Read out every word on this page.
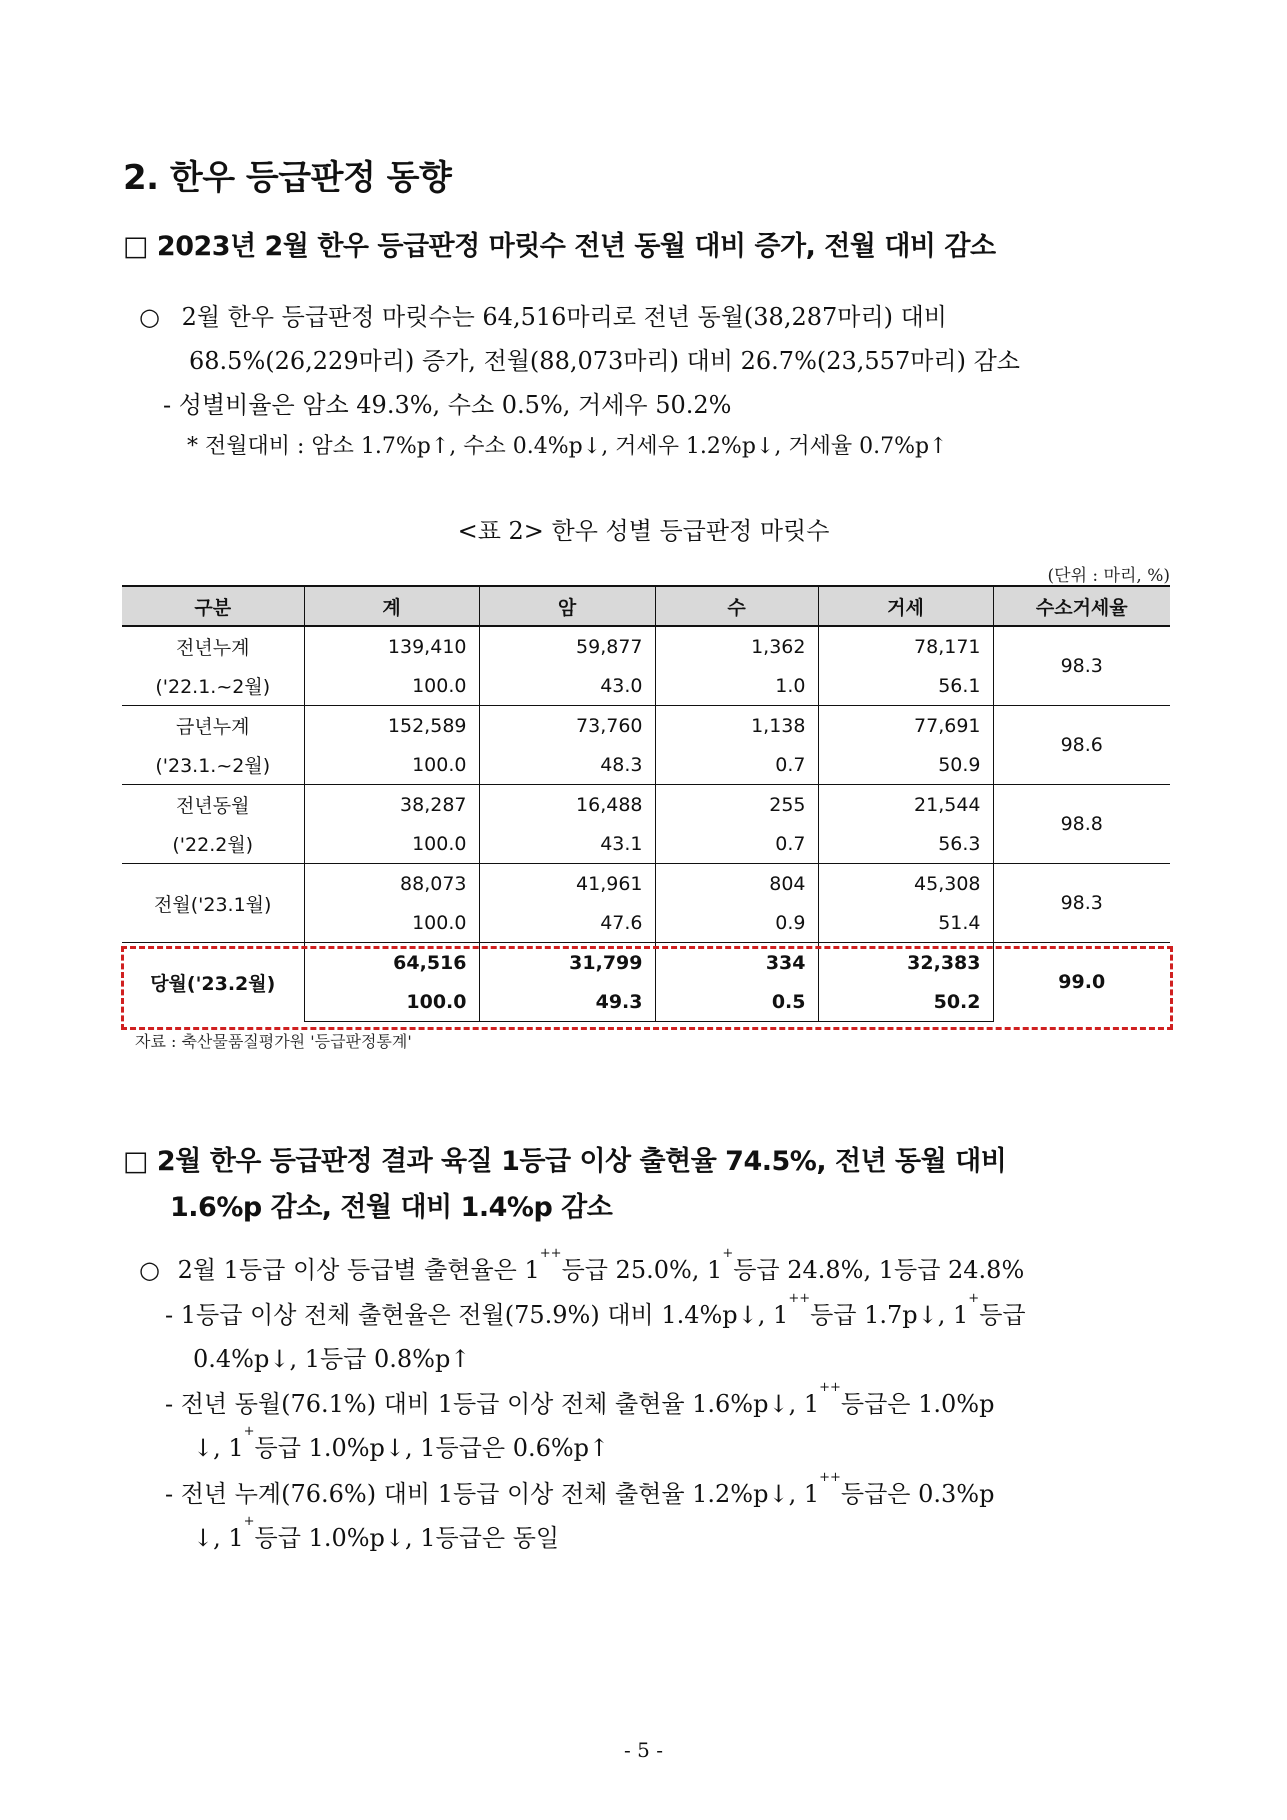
2. 한우 등급판정 동향
□ 2023년 2월 한우 등급판정 마릿수 전년 동월 대비 증가, 전월 대비 감소
○ 2월 한우 등급판정 마릿수는 64,516마리로 전년 동월(38,287마리) 대비
68.5%(26,229마리) 증가, 전월(88,073마리) 대비 26.7%(23,557마리) 감소
- 성별비율은 암소 49.3%, 수소 0.5%, 거세우 50.2%
* 전월대비 : 암소 1.7%p↑, 수소 0.4%p↓, 거세우 1.2%p↓, 거세율 0.7%p↑
<표 2> 한우 성별 등급판정 마릿수
(단위 : 마리, %)
구분	계	암	수	거세	수소거세율
전년누계	139,410	59,877	1,362	78,171	98.3
('22.1.~2월)	100.0	43.0	1.0	56.1	
금년누계	152,589	73,760	1,138	77,691	98.6
('23.1.~2월)	100.0	48.3	0.7	50.9	
전년동월	38,287	16,488	255	21,544	98.8
('22.2월)	100.0	43.1	0.7	56.3	
전월('23.1월)	88,073	41,961	804	45,308	98.3
	100.0	47.6	0.9	51.4	
당월('23.2월)	64,516	31,799	334	32,383	99.0
	100.0	49.3	0.5	50.2	
자료 : 축산물품질평가원 '등급판정통계'
□ 2월 한우 등급판정 결과 육질 1등급 이상 출현율 74.5%, 전년 동월 대비
1.6%p 감소, 전월 대비 1.4%p 감소
○ 2월 1등급 이상 등급별 출현율은 1++등급 25.0%, 1+등급 24.8%, 1등급 24.8%
- 1등급 이상 전체 출현율은 전월(75.9%) 대비 1.4%p↓, 1++등급 1.7p↓, 1+등급
0.4%p↓, 1등급 0.8%p↑
- 전년 동월(76.1%) 대비 1등급 이상 전체 출현율 1.6%p↓, 1++등급은 1.0%p
↓, 1+등급 1.0%p↓, 1등급은 0.6%p↑
- 전년 누계(76.6%) 대비 1등급 이상 전체 출현율 1.2%p↓, 1++등급은 0.3%p
↓, 1+등급 1.0%p↓, 1등급은 동일
- 5 -
